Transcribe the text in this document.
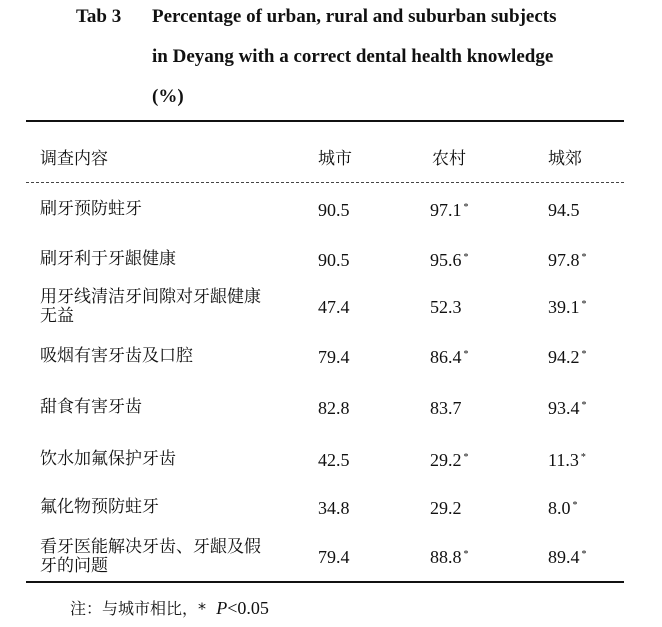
Tab 3 Percentage of urban, rural and suburban subjects
in Deyang with a correct dental health knowledge
(%)
调查内容	城市	农村	城郊
刷牙预防蛀牙	90.5	97.1 *	94.5
刷牙利于牙龈健康	90.5	95.6 *	97.8 *
用牙线清洁牙间隙对牙龈健康无益	47.4	52.3	39.1 *
吸烟有害牙齿及口腔	79.4	86.4 *	94.2 *
甜食有害牙齿	82.8	83.7	93.4 *
饮水加氟保护牙齿	42.5	29.2 *	11.3 *
氟化物预防蛀牙	34.8	29.2	8.0 *
看牙医能解决牙齿、牙龈及假牙的问题	79.4	88.8 *	89.4 *
注：与城市相比，* P<0.05
